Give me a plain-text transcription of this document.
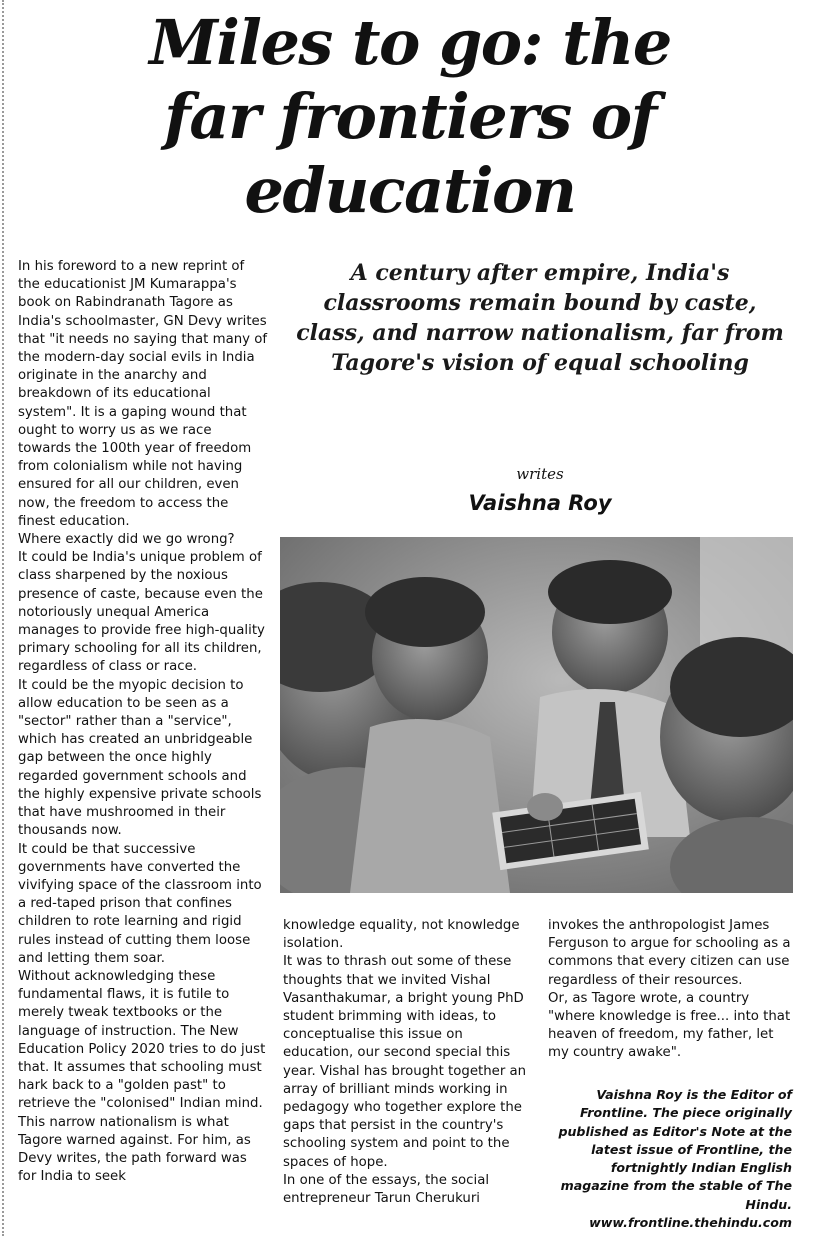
Miles to go: the far frontiers of education

In his foreword to a new reprint of the educationist JM Kumarappa's book on Rabindranath Tagore as India's schoolmaster, GN Devy writes that "it needs no saying that many of the modern-day social evils in India originate in the anarchy and breakdown of its educational system". It is a gaping wound that ought to worry us as we race towards the 100th year of freedom from colonialism while not having ensured for all our children, even now, the freedom to access the finest education.

Where exactly did we go wrong?

It could be India's unique problem of class sharpened by the noxious presence of caste, because even the notoriously unequal America manages to provide free high-quality primary schooling for all its children, regardless of class or race.

It could be the myopic decision to allow education to be seen as a "sector" rather than a "service", which has created an unbridgeable gap between the once highly regarded government schools and the highly expensive private schools that have mushroomed in their thousands now.

It could be that successive governments have converted the vivifying space of the classroom into a red-taped prison that confines children to rote learning and rigid rules instead of cutting them loose and letting them soar.

Without acknowledging these fundamental flaws, it is futile to merely tweak textbooks or the language of instruction. The New Education Policy 2020 tries to do just that. It assumes that schooling must hark back to a "golden past" to retrieve the "colonised" Indian mind. This narrow nationalism is what Tagore warned against. For him, as Devy writes, the path forward was for India to seek

A century after empire, India's classrooms remain bound by caste, class, and narrow nationalism, far from Tagore's vision of equal schooling
writes
Vaishna Roy

knowledge equality, not knowledge isolation.

It was to thrash out some of these thoughts that we invited Vishal Vasanthakumar, a bright young PhD student brimming with ideas, to conceptualise this issue on education, our second special this year. Vishal has brought together an array of brilliant minds working in pedagogy who together explore the gaps that persist in the country's schooling system and point to the spaces of hope.

In one of the essays, the social entrepreneur Tarun Cherukuri

invokes the anthropologist James Ferguson to argue for schooling as a commons that every citizen can use regardless of their resources.

Or, as Tagore wrote, a country "where knowledge is free... into that heaven of freedom, my father, let my country awake".

Vaishna Roy is the Editor of Frontline. The piece originally published as Editor's Note at the latest issue of Frontline, the fortnightly Indian English magazine from the stable of The Hindu. www.frontline.thehindu.com
